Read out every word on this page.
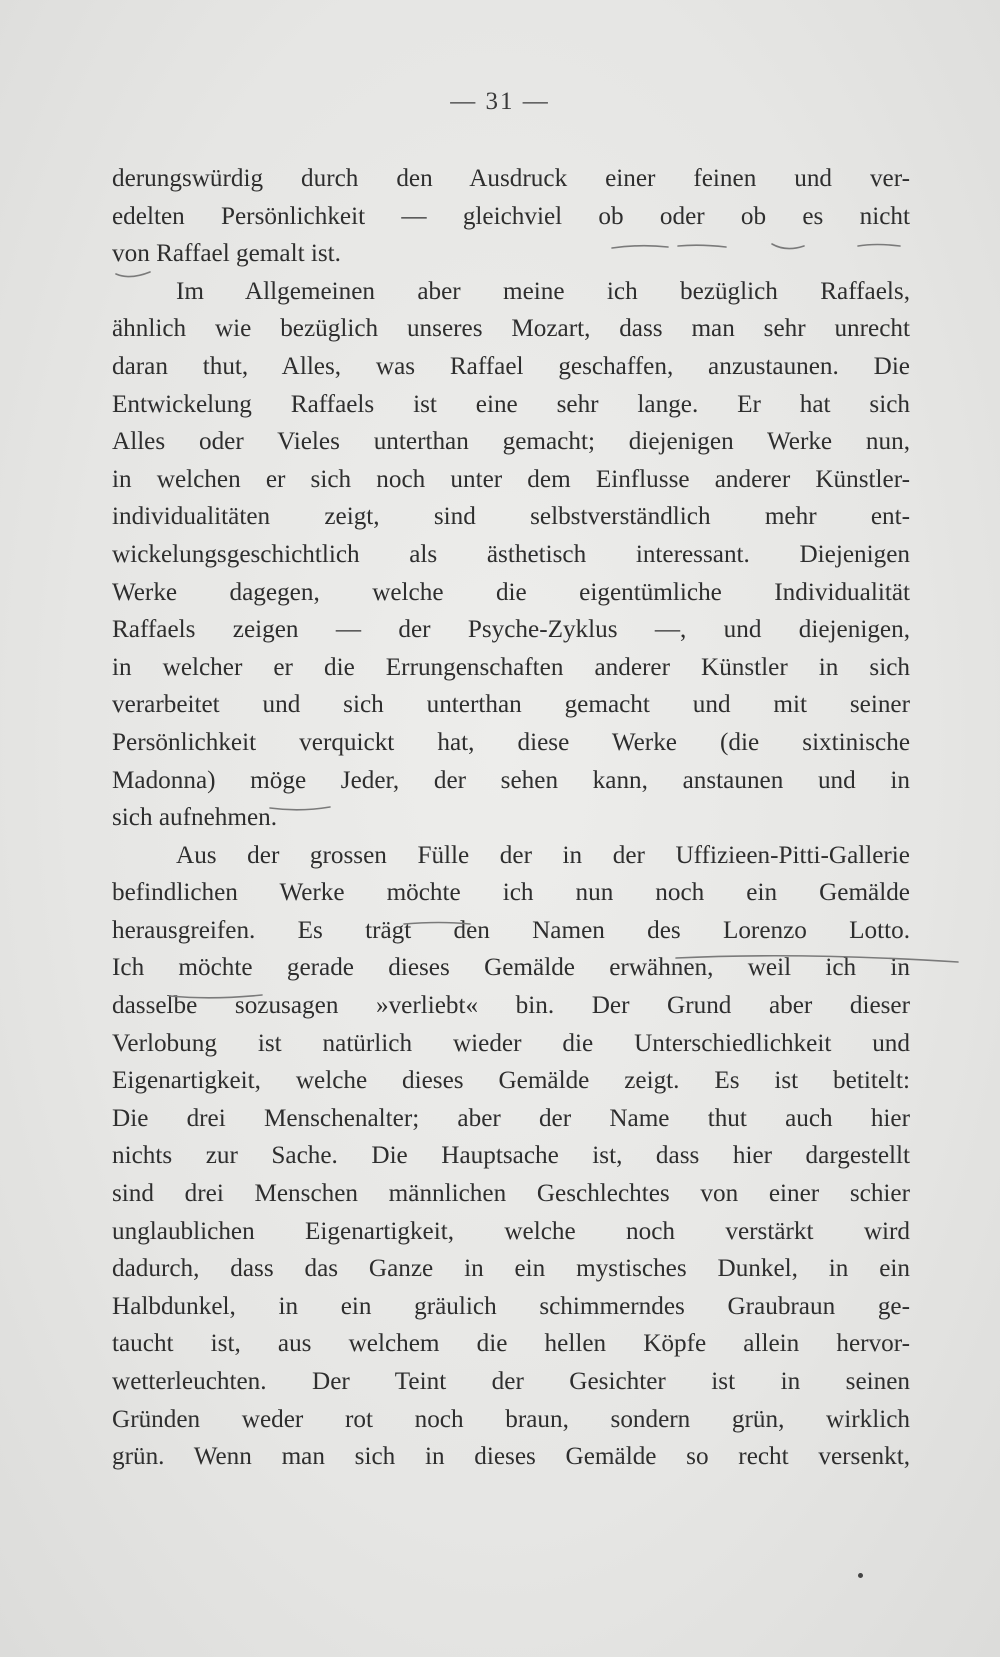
— 31 —
derungswürdig durch den Ausdruck einer feinen und ver-
edelten Persönlichkeit — gleichviel ob oder ob es nicht
von Raffael gemalt ist.
Im Allgemeinen aber meine ich bezüglich Raffaels,
ähnlich wie bezüglich unseres Mozart, dass man sehr unrecht
daran thut, Alles, was Raffael geschaffen, anzustaunen. Die
Entwickelung Raffaels ist eine sehr lange. Er hat sich
Alles oder Vieles unterthan gemacht; diejenigen Werke nun,
in welchen er sich noch unter dem Einflusse anderer Künstler-
individualitäten zeigt, sind selbstverständlich mehr ent-
wickelungsgeschichtlich als ästhetisch interessant. Diejenigen
Werke dagegen, welche die eigentümliche Individualität
Raffaels zeigen — der Psyche-Zyklus —, und diejenigen,
in welcher er die Errungenschaften anderer Künstler in sich
verarbeitet und sich unterthan gemacht und mit seiner
Persönlichkeit verquickt hat, diese Werke (die sixtinische
Madonna) möge Jeder, der sehen kann, anstaunen und in
sich aufnehmen.
Aus der grossen Fülle der in der Uffizieen-Pitti-Gallerie
befindlichen Werke möchte ich nun noch ein Gemälde
herausgreifen. Es trägt den Namen des Lorenzo Lotto.
Ich möchte gerade dieses Gemälde erwähnen, weil ich in
dasselbe sozusagen »verliebt« bin. Der Grund aber dieser
Verlobung ist natürlich wieder die Unterschiedlichkeit und
Eigenartigkeit, welche dieses Gemälde zeigt. Es ist betitelt:
Die drei Menschenalter; aber der Name thut auch hier
nichts zur Sache. Die Hauptsache ist, dass hier dargestellt
sind drei Menschen männlichen Geschlechtes von einer schier
unglaublichen Eigenartigkeit, welche noch verstärkt wird
dadurch, dass das Ganze in ein mystisches Dunkel, in ein
Halbdunkel, in ein gräulich schimmerndes Graubraun ge-
taucht ist, aus welchem die hellen Köpfe allein hervor-
wetterleuchten. Der Teint der Gesichter ist in seinen
Gründen weder rot noch braun, sondern grün, wirklich
grün. Wenn man sich in dieses Gemälde so recht versenkt,
